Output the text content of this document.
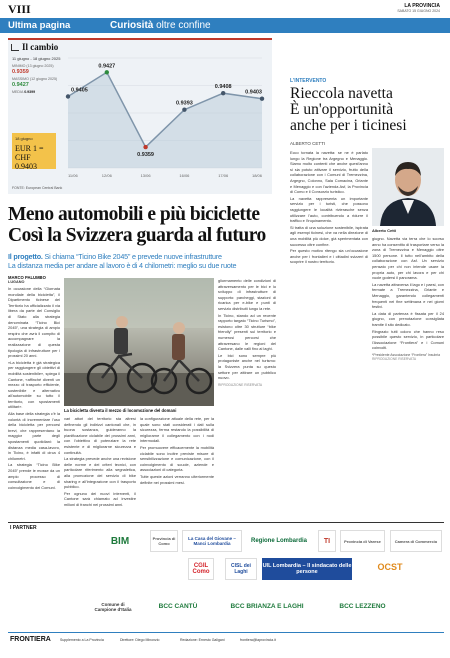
VIII	LA PROVINCIA
SABATO 15 GIUGNO 2024
Ultima pagina	Curiosità oltre confine
Il cambio
11 giugno - 18 giugno 2025
MINIMO (13 giugno 2025)
0.9359
MASSIMO (12 giugno 2025)
0.9427
MEDIA 0.9399
18 giugno
EUR 1 =
CHF 0.9403
FONTE: European Central Bank
0.9405
11/06
0.9427
12/06
0.9359
13/06
0.9393
16/06
0.9408
17/06
0.9403
18/06
Meno automobili e più biciclette
Così la Svizzera guarda al futuro
Il progetto. Si chiama “Ticino Bike 2045” e prevede nuove infrastrutture
La distanza media per andare al lavoro è di 4 chilometri: meglio su due ruote
MARCO PALUMBO
LUGANO

In occasione della “Giornata mondiale della bicicletta”, il Dipartimento ticinese del Territorio ha ufficializzato il via libera da parte del Consiglio di Stato alla strategia denominata “Ticino Bici 2045”, una strategia di ampio respiro che avrà il compito di accompagnare la realizzazione di questa tipologia di infrastrutture per i prossimi 20 anni.

«La bicicletta è già strategica per raggiungere gli obiettivi di mobilità sostenibile», spiega il Cantone, «affinché diventi un mezzo di trasporto efficiente, sostenibile e alternativo all'automobile su tutto il territorio, con spostamenti utilitari».

Alla base della strategia c'è la volontà di incrementare l'uso della bicicletta per percorsi brevi, che rappresentano la maggior parte degli spostamenti quotidiani: la distanza media casa-lavoro, in Ticino, è infatti di circa 4 chilometri.

La strategia “Ticino Bike 2045” prende le mosse da un ampio processo di consultazione e di coinvolgimento dei Comuni.

La bicicletta diventa il mezzo di locomozione del domani

vari attori del territorio sta altresì definendo gli indirizzi cantonali che, in buona sostanza, guideranno la pianificazione ciclabile dei prossimi anni, con l'obiettivo di potenziare la rete esistente e di migliorarne sicurezza e continuità.

La strategia prevede anche una revisione delle norme e dei criteri tecnici, con particolare riferimento alla segnaletica, alla promozione del servizio di bike sharing e all'integrazione con il trasporto pubblico.

Per ognuno dei nuovi interventi, il Cantone sarà chiamato ad investire milioni di franchi nei prossimi anni.

la configurazione attuale della rete, per la quale sono stati considerati i dati sulla sicurezza, ferma restando la possibilità di migliorarne il collegamento con i nodi intermodali.

Per promuovere efficacemente la mobilità ciclabile sono inoltre previste misure di sensibilizzazione e comunicazione, con il coinvolgimento di scuole, aziende e associazioni di categoria.

Tutte queste azioni verranno ulteriormente definite nei prossimi mesi.

gliormamento delle condizioni di attraversamento per le bici e lo sviluppo di infrastrutture di supporto: parcheggi, stazioni di ricarica per e-bike e punti di servizio distribuiti lungo la rete.

In Ticino, stando ad un recente rapporto targato “Ticino Turismo”, esistono oltre 30 strutture “bike friendly” presenti sul territorio e numerosi percorsi che attraversano le regioni del Cantone, dalle valli fino ai laghi.

Le bici sono sempre più protagoniste anche nel turismo: la Svizzera punta su questo settore per attirare un pubblico nuovo.

RIPRODUZIONE RISERVATA
L'INTERVENTO
Rieccola navetta
È un'opportunità
anche per i ticinesi
ALBERTO CETTI
Alberto Cetti

Ecco tornata la navetta: se ne è parlato lungo la Regione tra Argegno e Menaggio. Siamo molto contenti che anche quest'anno si sia potuto attivare il servizio, frutto della collaborazione con i Comuni di Tremezzina, Argegno, Colonno, Sala Comacina, Griante e Menaggio e con l'azienda Asf, la Provincia di Como e il Consorzio turistico.

La navetta rappresenta un importante servizio per i turisti, che possono raggiungere le località rivierasche senza utilizzare l'auto, contribuendo a ridurre il traffico e l'inquinamento.

Si tratta di una soluzione sostenibile, ispirata agli esempi ticinesi, che va nella direzione di una mobilità più dolce, già sperimentata con successo oltre confine.

Per questo motivo ritengo sia un'occasione anche per i frontalieri e i cittadini svizzeri di scoprire il nostro territorio.

giugno. Navetta via terra che lo scorso anno ha consentito di trasportare verso la zona di Tremezzina e Menaggio oltre 1500 persone. Il tutto nell'ambito della collaborazione con Asf. Un servizio pensato per chi non intende usare la propria auto, per chi lavora e per chi vuole godersi il panorama.

La navetta attraversa il lago e i paesi, con fermate a Tremezzina, Griante e Menaggio, garantendo collegamenti frequenti nei fine settimana e nei giorni festivi.

La data di partenza è fissata per il 24 giugno, con prenotazione consigliata tramite il sito dedicato.

Ringrazio tutti coloro che hanno reso possibile questo servizio, in particolare l'Associazione “Frontiera” e i Comuni coinvolti.

*Presidente Associazione “Frontiera” Insubria
RIPRODUZIONE RISERVATA
I PARTNER
BIM	Provincia di Como
La Casa del Giovane – Manci Lombardia	Regione Lombardia	TI	Provincia di Varese	Camera di Commercio
CGIL Como
CISL dei Laghi
UIL Lombardia – Il sindacato delle persone	OCST
Comune di Campione d'Italia	BCC CANTÙ	BCC BRIANZA E LAGHI	BCC LEZZENO
FRONTIERA	Supplemento a La Provincia	Direttore: Diego Minonzio	Redazione: Ernesto Galigani	frontiera@laprovincia.it
